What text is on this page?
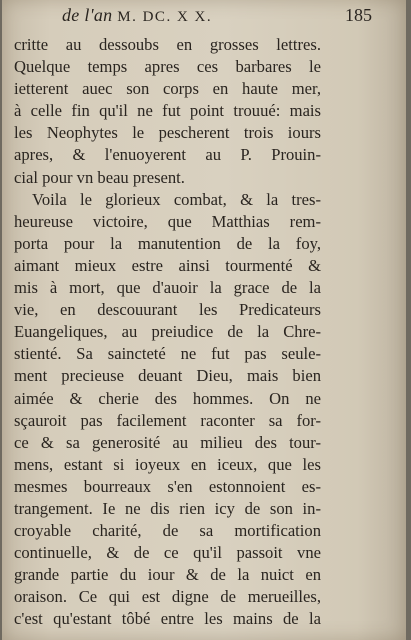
de l'an M. DC. X X.	185
critte au dessoubs en grosses lettres.
Quelque temps apres ces barbares le
ietterent auec son corps en haute mer,
à celle fin qu'il ne fut point trouué: mais
les Neophytes le pescherent trois iours
apres, & l'enuoyerent au P. Prouin-
cial pour vn beau present.
Voila le glorieux combat, & la tres-
heureuse victoire, que Matthias rem-
porta pour la manutention de la foy,
aimant mieux estre ainsi tourmenté &
mis à mort, que d'auoir la grace de la
vie, en descouurant les Predicateurs
Euangeliques, au preiudice de la Chre-
stienté. Sa saincteté ne fut pas seule-
ment precieuse deuant Dieu, mais bien
aimée & cherie des hommes. On ne
sçauroit pas facilement raconter sa for-
ce & sa generosité au milieu des tour-
mens, estant si ioyeux en iceux, que les
mesmes bourreaux s'en estonnoient es-
trangement. Ie ne dis rien icy de son in-
croyable charité, de sa mortification
continuelle, & de ce qu'il passoit vne
grande partie du iour & de la nuict en
oraison. Ce qui est digne de merueilles,
c'est qu'estant tôbé entre les mains de la
